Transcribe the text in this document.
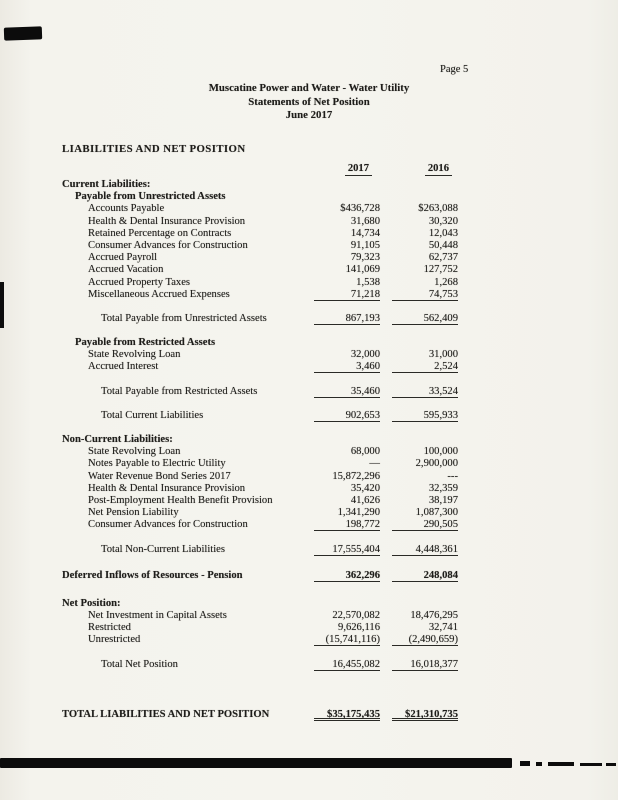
Page 5
Muscatine Power and Water - Water Utility
Statements of Net Position
June 2017
LIABILITIES AND NET POSITION
2017	2016
Current Liabilities:
Payable from Unrestricted Assets
Accounts Payable	$436,728	$263,088
Health & Dental Insurance Provision	31,680	30,320
Retained Percentage on Contracts	14,734	12,043
Consumer Advances for Construction	91,105	50,448
Accrued Payroll	79,323	62,737
Accrued Vacation	141,069	127,752
Accrued Property Taxes	1,538	1,268
Miscellaneous Accrued Expenses	71,218	74,753
Total Payable from Unrestricted Assets	867,193	562,409
Payable from Restricted Assets
State Revolving Loan	32,000	31,000
Accrued Interest	3,460	2,524
Total Payable from Restricted Assets	35,460	33,524
Total Current Liabilities	902,653	595,933
Non-Current Liabilities:
State Revolving Loan	68,000	100,000
Notes Payable to Electric Utility	—	2,900,000
Water Revenue Bond Series 2017	15,872,296	---
Health & Dental Insurance Provision	35,420	32,359
Post-Employment Health Benefit Provision	41,626	38,197
Net Pension Liability	1,341,290	1,087,300
Consumer Advances for Construction	198,772	290,505
Total Non-Current Liabilities	17,555,404	4,448,361
Deferred Inflows of Resources - Pension	362,296	248,084
Net Position:
Net Investment in Capital Assets	22,570,082	18,476,295
Restricted	9,626,116	32,741
Unrestricted	(15,741,116)	(2,490,659)
Total Net Position	16,455,082	16,018,377
TOTAL LIABILITIES AND NET POSITION	$35,175,435	$21,310,735
